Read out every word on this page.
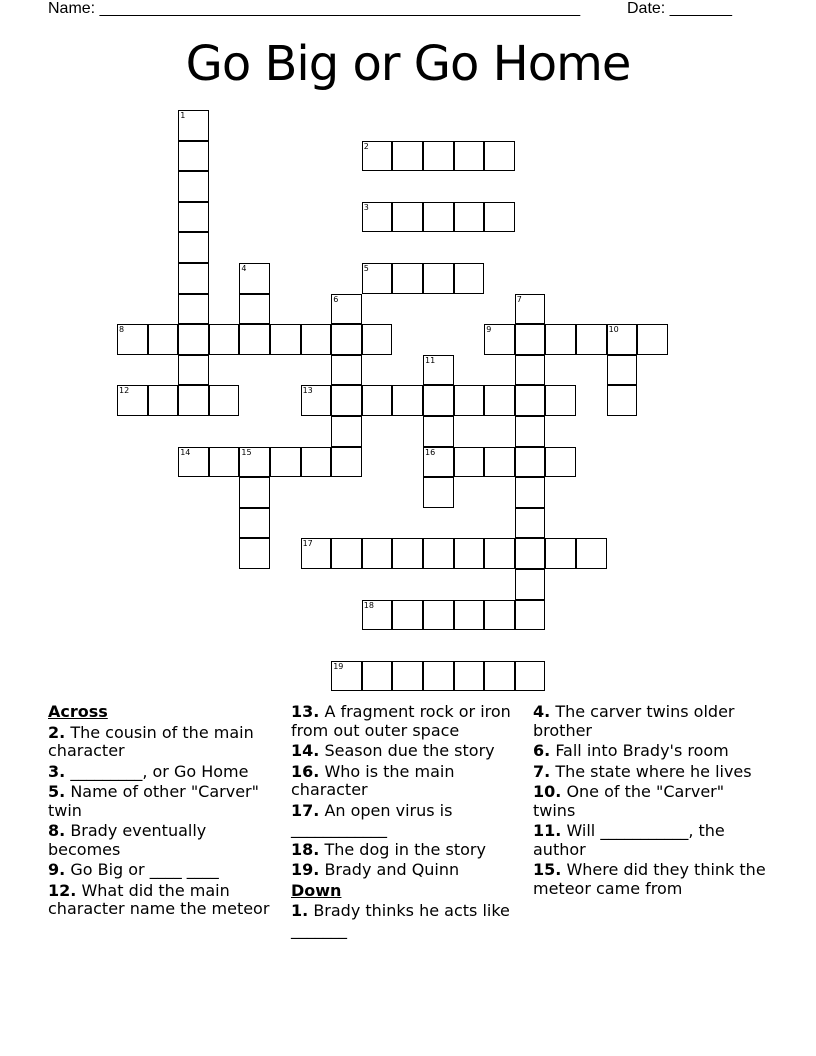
Name: ______________________________________________________	Date: _______
Go Big or Go Home
1
2
3
4	5
6	7
8	9	10
11
12	13
14	15	16
17
18
19
Across
2. The cousin of the main character
3. _________, or Go Home
5. Name of other "Carver" twin
8. Brady eventually becomes
9. Go Big or ____ ____
12. What did the main character name the meteor
13. A fragment rock or iron from out outer space
14. Season due the story
16. Who is the main character
17. An open virus is ____________
18. The dog in the story
19. Brady and Quinn
Down
1. Brady thinks he acts like _______
4. The carver twins older brother
6. Fall into Brady's room
7. The state where he lives
10. One of the "Carver" twins
11. Will ___________, the author
15. Where did they think the meteor came from
